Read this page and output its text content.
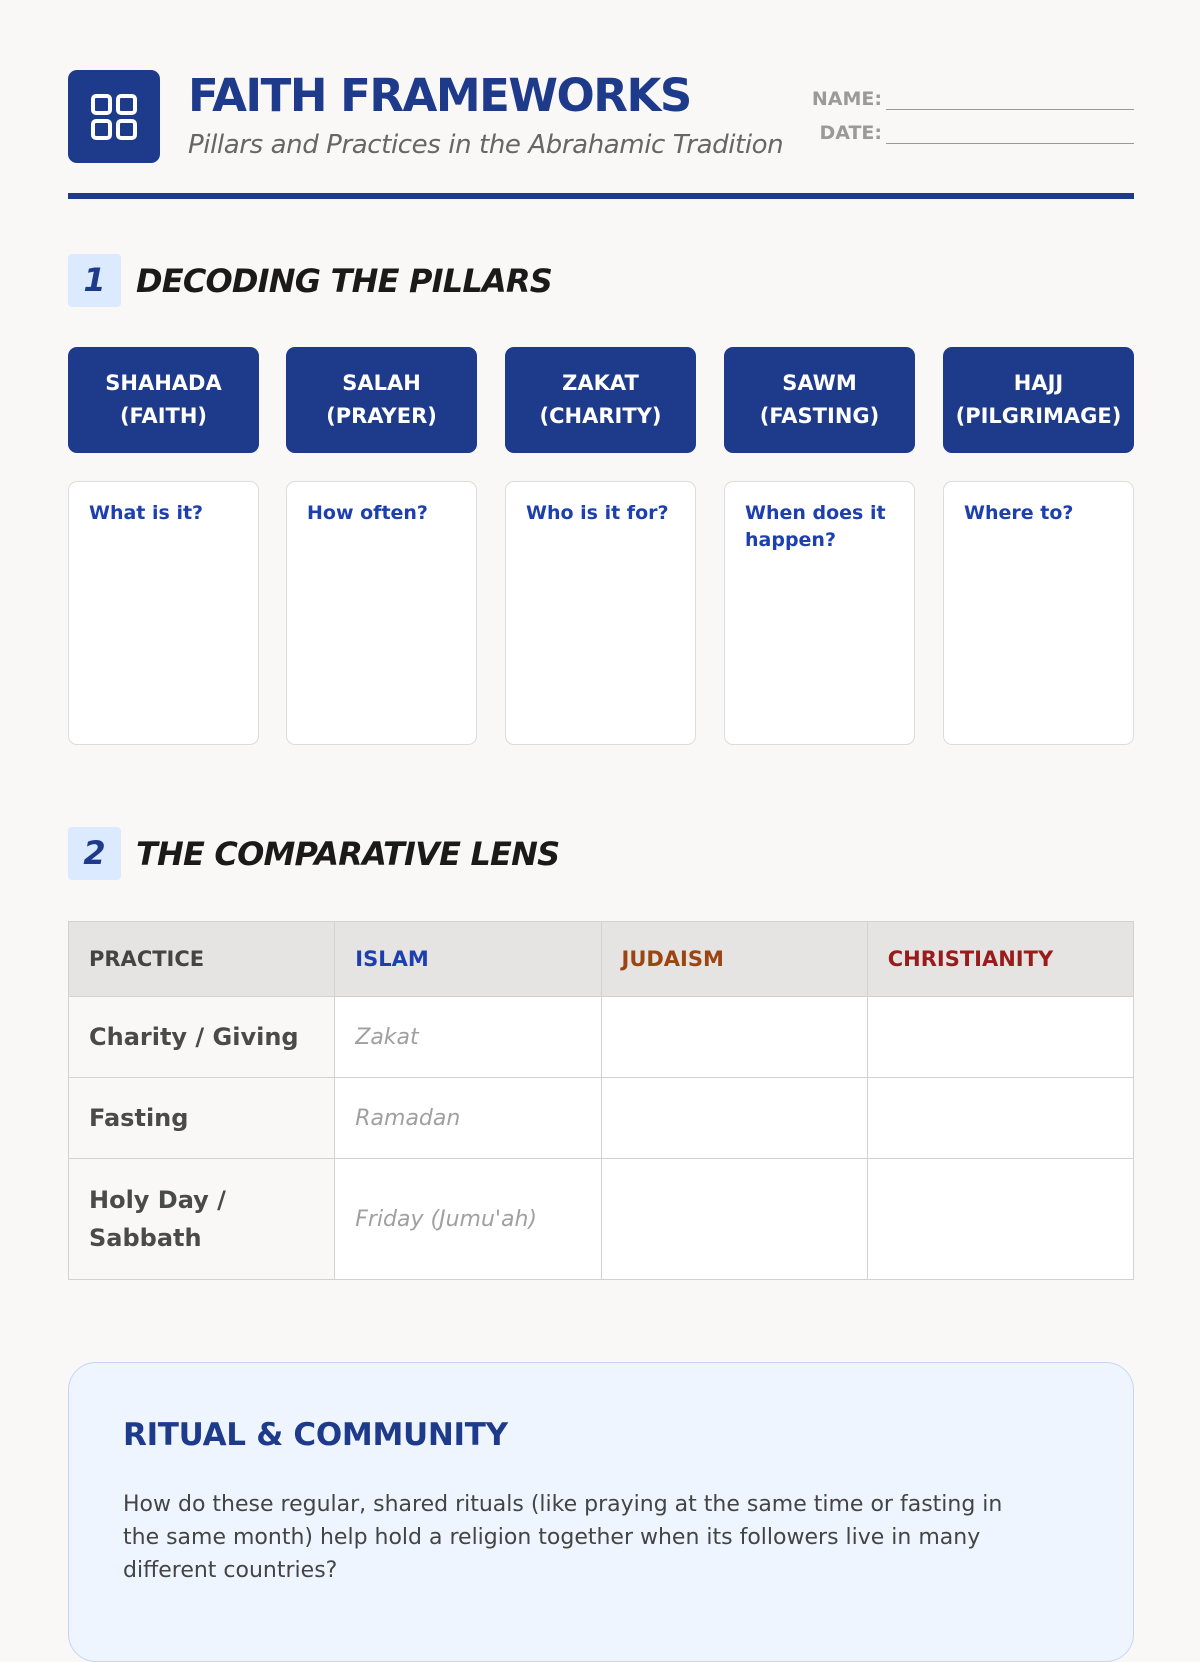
FAITH FRAMEWORKS
Pillars and Practices in the Abrahamic Tradition
NAME:
DATE:
1 DECODING THE PILLARS
SHAHADA
(FAITH)
What is it?
SALAH
(PRAYER)
How often?
ZAKAT
(CHARITY)
Who is it for?
SAWM
(FASTING)
When does it happen?
HAJJ
(PILGRIMAGE)
Where to?
2 THE COMPARATIVE LENS
PRACTICE	ISLAM	JUDAISM	CHRISTIANITY
Charity / Giving	Zakat		
Fasting	Ramadan		
Holy Day / Sabbath	Friday (Jumu'ah)		
RITUAL & COMMUNITY

How do these regular, shared rituals (like praying at the same time or fasting in the same month) help hold a religion together when its followers live in many different countries?
